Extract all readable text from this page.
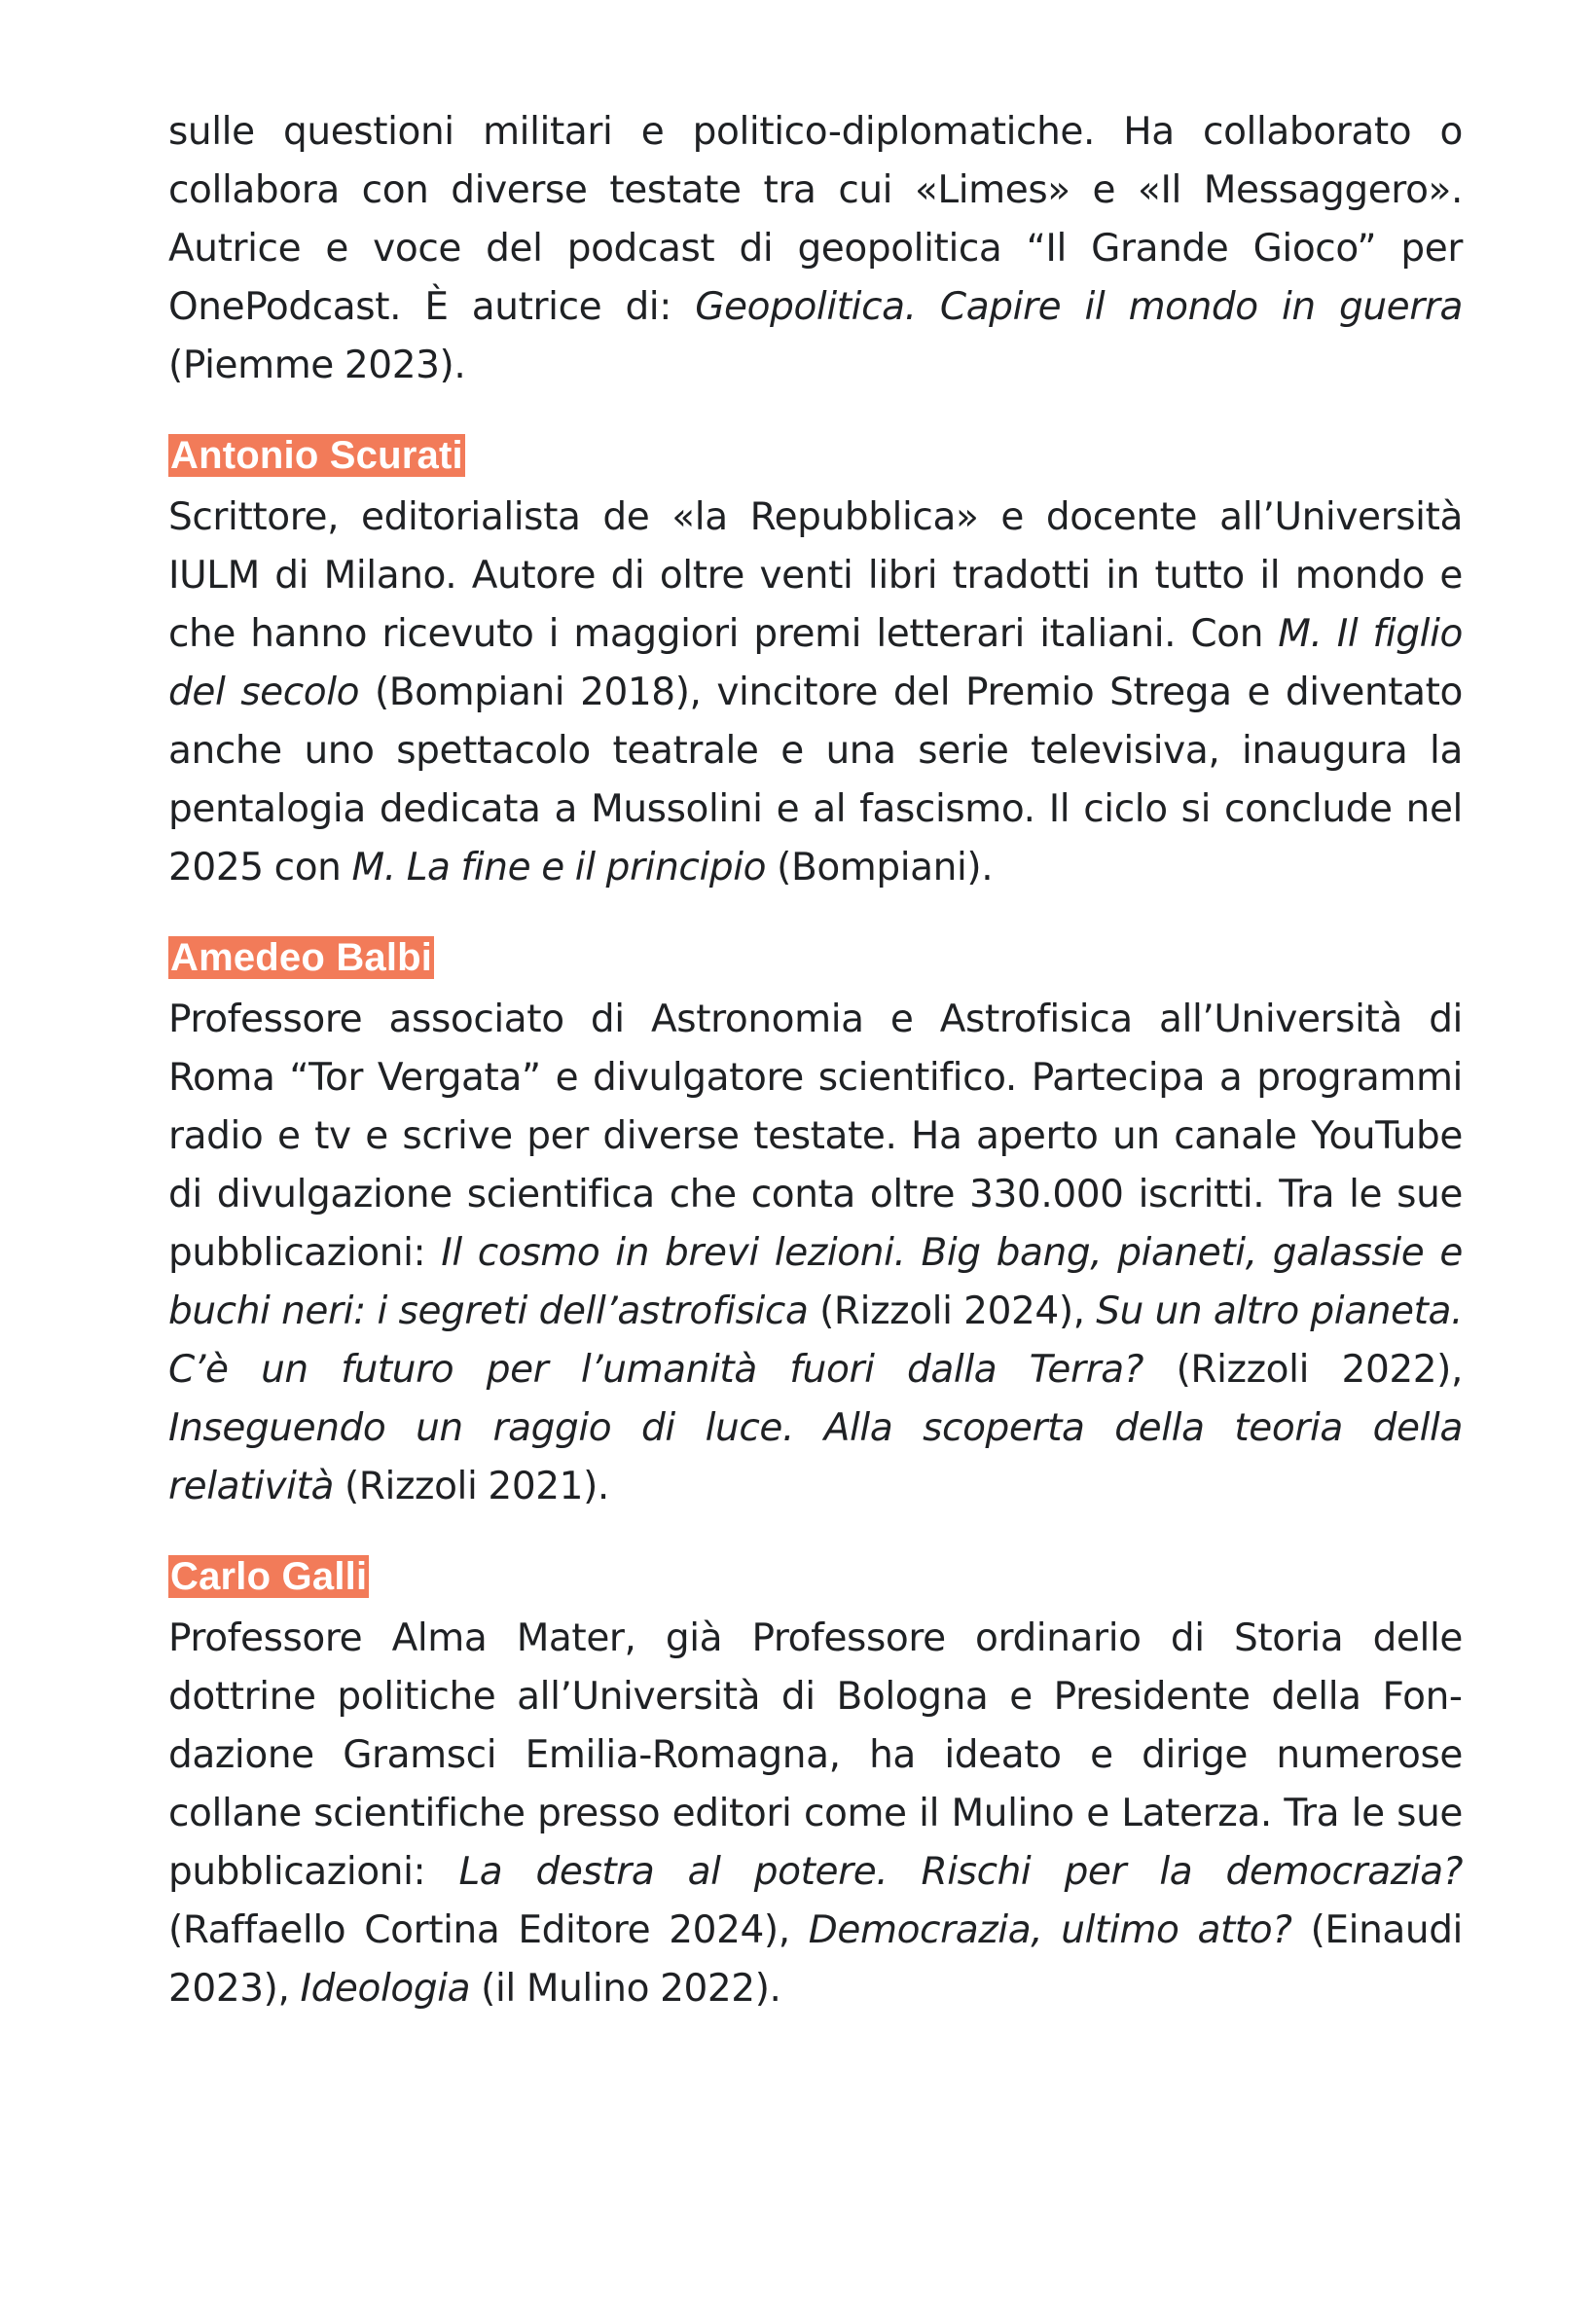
sulle questioni militari e politico-diplomatiche. Ha collaborato o collabora con diverse testate tra cui «Limes» e «Il Messaggero». Autrice e voce del podcast di geopolitica “Il Grande Gioco” per OnePodcast. È autrice di: Geopolitica. Capire il mondo in guerra (Piemme 2023).

Antonio Scurati

Scrittore, editorialista de «la Repubblica» e docente all’Università IULM di Milano. Autore di oltre venti libri tradotti in tutto il mondo e che hanno ricevuto i maggiori premi letterari italiani. Con M. Il figlio del secolo (Bompiani 2018), vincitore del Premio Strega e diventato anche uno spettacolo teatrale e una serie televisiva, inaugura la pentalogia dedicata a Mussolini e al fascismo. Il ciclo si conclude nel 2025 con M. La fine e il principio (Bompiani).

Amedeo Balbi

Professore associato di Astronomia e Astrofisica all’Università di Roma “Tor Vergata” e divulgatore scientifico. Partecipa a programmi radio e tv e scrive per diverse testate. Ha aperto un canale YouTube di divulgazione scientifica che conta oltre 330.000 iscritti. Tra le sue pubblicazioni: Il cosmo in brevi lezioni. Big bang, pianeti, galassie e buchi neri: i segreti dell’astrofisica (Rizzoli 2024), Su un altro pianeta. C’è un futuro per l’umanità fuori dalla Terra? (Rizzoli 2022), Inseguendo un raggio di luce. Alla scoperta della teoria della relatività (Rizzoli 2021).

Carlo Galli

Professore Alma Mater, già Professore ordinario di Storia delle dottrine politiche all’Università di Bologna e Presidente della Fondazione Gramsci Emilia-Romagna, ha ideato e dirige numerose collane scientifiche presso editori come il Mulino e Laterza. Tra le sue pubblicazioni: La destra al potere. Rischi per la democrazia? (Raffaello Cortina Editore 2024), Democrazia, ultimo atto? (Einaudi 2023), Ideologia (il Mulino 2022).
